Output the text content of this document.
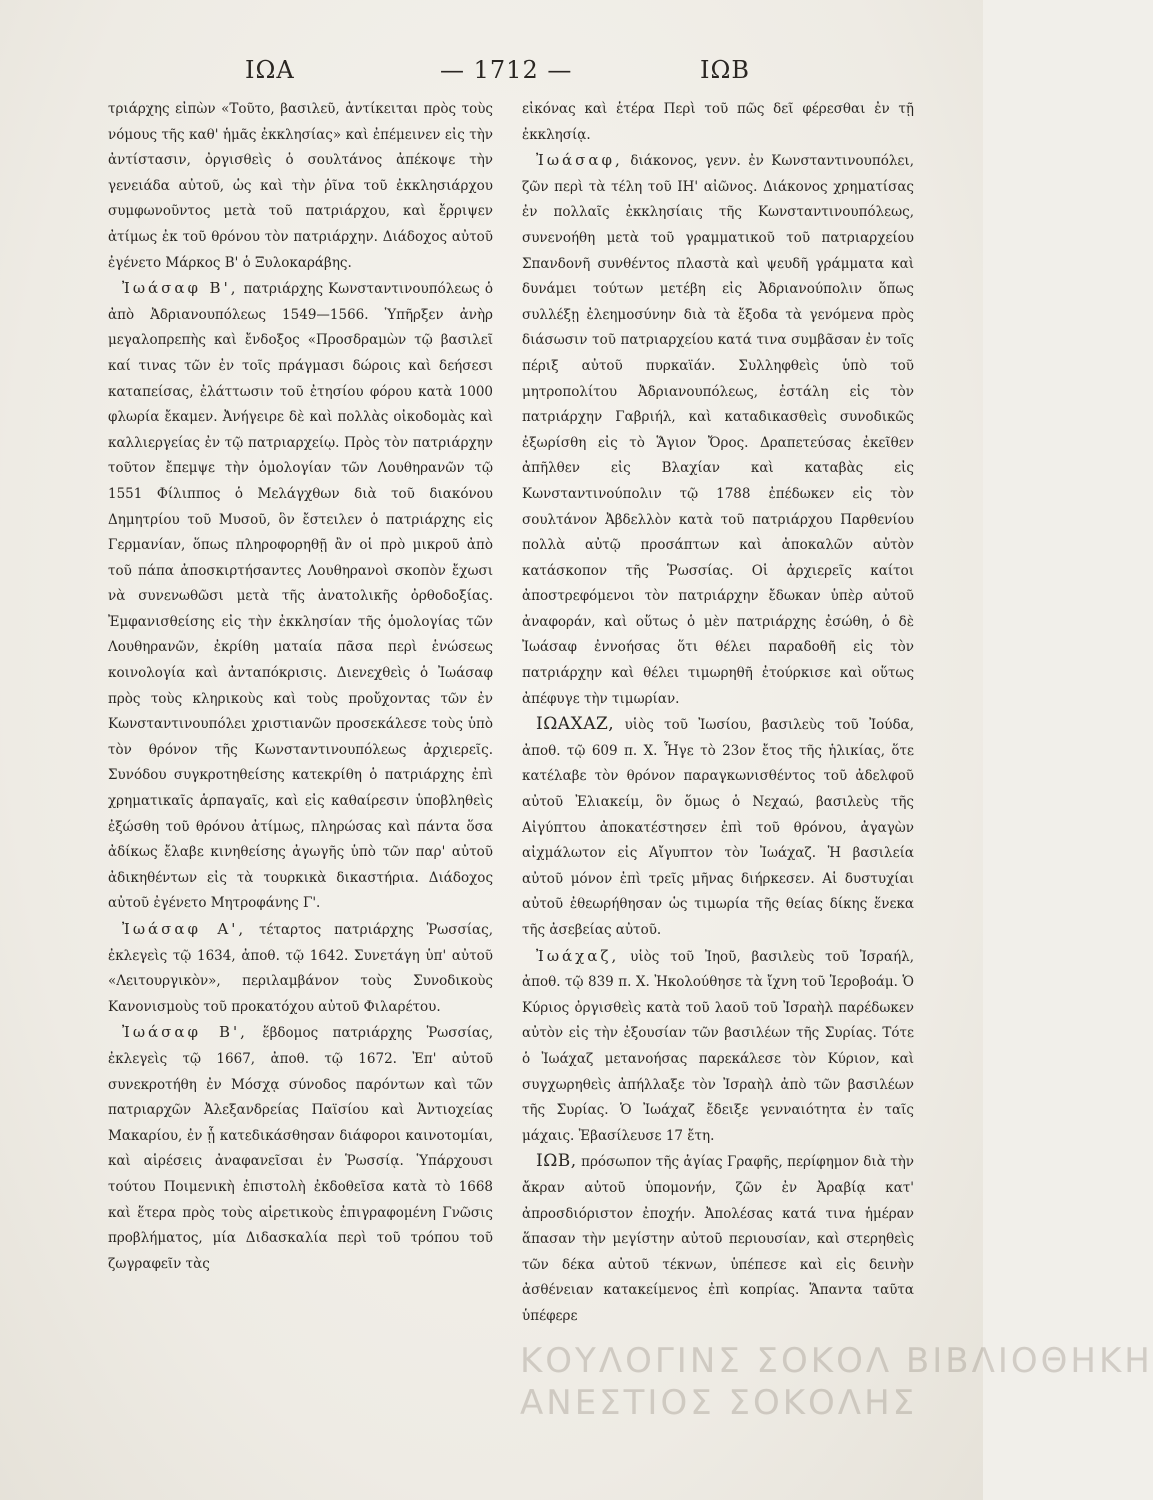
ΙΩΑ	— 1712 —	ΙΩΒ

τριάρχης εἰπὼν «Τοῦτο, βασιλεῦ, ἀντίκειται πρὸς τοὺς νόμους τῆς καθ' ἡμᾶς ἐκκλησίας» καὶ ἐπέμεινεν εἰς τὴν ἀντίστασιν, ὀργισθεὶς ὁ σουλτάνος ἀπέκοψε τὴν γενειάδα αὐτοῦ, ὡς καὶ τὴν ῥῖνα τοῦ ἐκκλησιάρχου συμφωνοῦντος μετὰ τοῦ πατριάρχου, καὶ ἔρριψεν ἀτίμως ἐκ τοῦ θρόνου τὸν πατριάρχην. Διάδοχος αὐτοῦ ἐγένετο Μάρκος Β' ὁ Ξυλοκαράβης.

Ἰωάσαφ Β', πατριάρχης Κωνσταντινουπόλεως ὁ ἀπὸ Ἀδριανουπόλεως 1549—1566. Ὑπῆρξεν ἀνὴρ μεγαλοπρεπὴς καὶ ἔνδοξος «Προσδραμὼν τῷ βασιλεῖ καί τινας τῶν ἐν τοῖς πράγμασι δώροις καὶ δεήσεσι καταπείσας, ἐλάττωσιν τοῦ ἐτησίου φόρου κατὰ 1000 φλωρία ἔκαμεν. Ἀνήγειρε δὲ καὶ πολλὰς οἰκοδομὰς καὶ καλλιεργείας ἐν τῷ πατριαρχείῳ. Πρὸς τὸν πατριάρχην τοῦτον ἔπεμψε τὴν ὁμολογίαν τῶν Λουθηρανῶν τῷ 1551 Φίλιππος ὁ Μελάγχθων διὰ τοῦ διακόνου Δημητρίου τοῦ Μυσοῦ, ὃν ἔστειλεν ὁ πατριάρχης εἰς Γερμανίαν, ὅπως πληροφορηθῇ ἂν οἱ πρὸ μικροῦ ἀπὸ τοῦ πάπα ἀποσκιρτήσαντες Λουθηρανοὶ σκοπὸν ἔχωσι νὰ συνενωθῶσι μετὰ τῆς ἀνατολικῆς ὀρθοδοξίας. Ἐμφανισθείσης εἰς τὴν ἐκκλησίαν τῆς ὁμολογίας τῶν Λουθηρανῶν, ἐκρίθη ματαία πᾶσα περὶ ἑνώσεως κοινολογία καὶ ἀνταπόκρισις. Διενεχθεὶς ὁ Ἰωάσαφ πρὸς τοὺς κληρικοὺς καὶ τοὺς προὔχοντας τῶν ἐν Κωνσταντινουπόλει χριστιανῶν προσεκάλεσε τοὺς ὑπὸ τὸν θρόνον τῆς Κωνσταντινουπόλεως ἀρχιερεῖς. Συνόδου συγκροτηθείσης κατεκρίθη ὁ πατριάρχης ἐπὶ χρηματικαῖς ἁρπαγαῖς, καὶ εἰς καθαίρεσιν ὑποβληθεὶς ἐξώσθη τοῦ θρόνου ἀτίμως, πληρώσας καὶ πάντα ὅσα ἀδίκως ἔλαβε κινηθείσης ἀγωγῆς ὑπὸ τῶν παρ' αὐτοῦ ἀδικηθέντων εἰς τὰ τουρκικὰ δικαστήρια. Διάδοχος αὐτοῦ ἐγένετο Μητροφάνης Γ'.

Ἰωάσαφ Α', τέταρτος πατριάρχης Ῥωσσίας, ἐκλεγεὶς τῷ 1634, ἀποθ. τῷ 1642. Συνετάγη ὑπ' αὐτοῦ «Λειτουργικὸν», περιλαμβάνον τοὺς Συνοδικοὺς Κανονισμοὺς τοῦ προκατόχου αὐτοῦ Φιλαρέτου.

Ἰωάσαφ Β', ἕβδομος πατριάρχης Ῥωσσίας, ἐκλεγεὶς τῷ 1667, ἀποθ. τῷ 1672. Ἐπ' αὐτοῦ συνεκροτήθη ἐν Μόσχᾳ σύνοδος παρόντων καὶ τῶν πατριαρχῶν Ἀλεξανδρείας Παϊσίου καὶ Ἀντιοχείας Μακαρίου, ἐν ᾗ κατεδικάσθησαν διάφοροι καινοτομίαι, καὶ αἱρέσεις ἀναφανεῖσαι ἐν Ῥωσσίᾳ. Ὑπάρχουσι τούτου Ποιμενικὴ ἐπιστολὴ ἐκδοθεῖσα κατὰ τὸ 1668 καὶ ἕτερα πρὸς τοὺς αἱρετικοὺς ἐπιγραφομένη Γνῶσις προβλήματος, μία Διδασκαλία περὶ τοῦ τρόπου τοῦ ζωγραφεῖν τὰς

εἰκόνας καὶ ἑτέρα Περὶ τοῦ πῶς δεῖ φέρεσθαι ἐν τῇ ἐκκλησίᾳ.

Ἰωάσαφ, διάκονος, γενν. ἐν Κωνσταντινουπόλει, ζῶν περὶ τὰ τέλη τοῦ ΙΗ' αἰῶνος. Διάκονος χρηματίσας ἐν πολλαῖς ἐκκλησίαις τῆς Κωνσταντινουπόλεως, συνενοήθη μετὰ τοῦ γραμματικοῦ τοῦ πατριαρχείου Σπανδονῆ συνθέντος πλαστὰ καὶ ψευδῆ γράμματα καὶ δυνάμει τούτων μετέβη εἰς Ἀδριανούπολιν ὅπως συλλέξῃ ἐλεημοσύνην διὰ τὰ ἔξοδα τὰ γενόμενα πρὸς διάσωσιν τοῦ πατριαρχείου κατά τινα συμβᾶσαν ἐν τοῖς πέριξ αὐτοῦ πυρκαϊάν. Συλληφθεὶς ὑπὸ τοῦ μητροπολίτου Ἀδριανουπόλεως, ἐστάλη εἰς τὸν πατριάρχην Γαβριήλ, καὶ καταδικασθεὶς συνοδικῶς ἐξωρίσθη εἰς τὸ Ἅγιον Ὄρος. Δραπετεύσας ἐκεῖθεν ἀπῆλθεν εἰς Βλαχίαν καὶ καταβὰς εἰς Κωνσταντινούπολιν τῷ 1788 ἐπέδωκεν εἰς τὸν σουλτάνον Ἀβδελλὸν κατὰ τοῦ πατριάρχου Παρθενίου πολλὰ αὐτῷ προσάπτων καὶ ἀποκαλῶν αὐτὸν κατάσκοπον τῆς Ῥωσσίας. Οἱ ἀρχιερεῖς καίτοι ἀποστρεφόμενοι τὸν πατριάρχην ἔδωκαν ὑπὲρ αὐτοῦ ἀναφοράν, καὶ οὕτως ὁ μὲν πατριάρχης ἐσώθη, ὁ δὲ Ἰωάσαφ ἐννοήσας ὅτι θέλει παραδοθῆ εἰς τὸν πατριάρχην καὶ θέλει τιμωρηθῆ ἐτούρκισε καὶ οὕτως ἀπέφυγε τὴν τιμωρίαν.

ΙΩΑΧΑΖ, υἱὸς τοῦ Ἰωσίου, βασιλεὺς τοῦ Ἰούδα, ἀποθ. τῷ 609 π. Χ. Ἦγε τὸ 23ον ἔτος τῆς ἡλικίας, ὅτε κατέλαβε τὸν θρόνον παραγκωνισθέντος τοῦ ἀδελφοῦ αὐτοῦ Ἐλιακείμ, ὃν ὅμως ὁ Νεχαώ, βασιλεὺς τῆς Αἰγύπτου ἀποκατέστησεν ἐπὶ τοῦ θρόνου, ἀγαγὼν αἰχμάλωτον εἰς Αἴγυπτον τὸν Ἰωάχαζ. Ἡ βασιλεία αὐτοῦ μόνον ἐπὶ τρεῖς μῆνας διήρκεσεν. Αἱ δυστυχίαι αὐτοῦ ἐθεωρήθησαν ὡς τιμωρία τῆς θείας δίκης ἕνεκα τῆς ἀσεβείας αὐτοῦ.

Ἰωάχαζ, υἱὸς τοῦ Ἰηοῦ, βασιλεὺς τοῦ Ἰσραήλ, ἀποθ. τῷ 839 π. Χ. Ἠκολούθησε τὰ ἴχνη τοῦ Ἱεροβοάμ. Ὁ Κύριος ὀργισθεὶς κατὰ τοῦ λαοῦ τοῦ Ἰσραὴλ παρέδωκεν αὐτὸν εἰς τὴν ἐξουσίαν τῶν βασιλέων τῆς Συρίας. Τότε ὁ Ἰωάχαζ μετανοήσας παρεκάλεσε τὸν Κύριον, καὶ συγχωρηθεὶς ἀπήλλαξε τὸν Ἰσραὴλ ἀπὸ τῶν βασιλέων τῆς Συρίας. Ὁ Ἰωάχαζ ἔδειξε γενναιότητα ἐν ταῖς μάχαις. Ἐβασίλευσε 17 ἔτη.

ΙΩΒ, πρόσωπον τῆς ἁγίας Γραφῆς, περίφημον διὰ τὴν ἄκραν αὐτοῦ ὑπομονήν, ζῶν ἐν Ἀραβίᾳ κατ' ἀπροσδιόριστον ἐποχήν. Ἀπολέσας κατά τινα ἡμέραν ἅπασαν τὴν μεγίστην αὐτοῦ περιουσίαν, καὶ στερηθεὶς τῶν δέκα αὐτοῦ τέκνων, ὑπέπεσε καὶ εἰς δεινὴν ἀσθένειαν κατακείμενος ἐπὶ κοπρίας. Ἅπαντα ταῦτα ὑπέφερε

ΚΟΥΛΟΓΙΝΣ ΣΟΚΟΛ ΒΙΒΛΙΟΘΗΚΗ
ΑΝΕΣΤΙΟΣ ΣΟΚΟΛΗΣ
